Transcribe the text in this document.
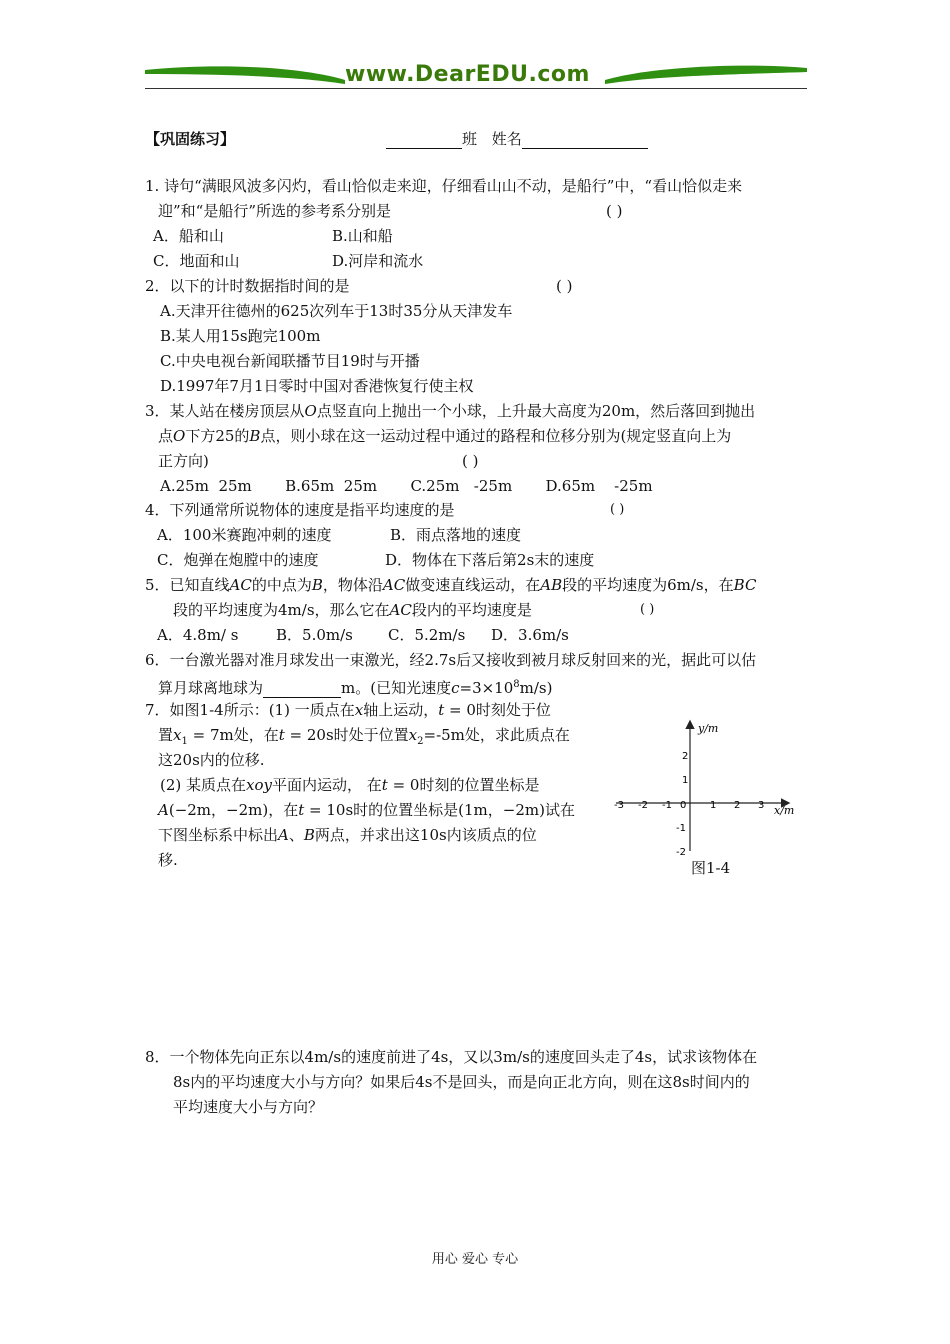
www.DearEDU.com
【巩固练习】	班 姓名
1. 诗句“满眼风波多闪灼，看山恰似走来迎，仔细看山山不动，是船行”中，“看山恰似走来
迎”和“是船行”所选的参考系分别是	( )
A．船和山	B.山和船
C．地面和山	D.河岸和流水
2．以下的计时数据指时间的是	( )
A.天津开往德州的625次列车于13时35分从天津发车
B.某人用15s跑完100m
C.中央电视台新闻联播节目19时与开播
D.1997年7月1日零时中国对香港恢复行使主权
3．某人站在楼房顶层从O点竖直向上抛出一个小球，上升最大高度为20m，然后落回到抛出
点O下方25的B点，则小球在这一运动过程中通过的路程和位移分别为(规定竖直向上为
正方向)	( )
A.25m  25m       B.65m  25m       C.25m   -25m       D.65m    -25m
4．下列通常所说物体的速度是指平均速度的是	( )
A．100米赛跑冲刺的速度	B．雨点落地的速度
C．炮弹在炮膛中的速度	D．物体在下落后第2s末的速度
5．已知直线AC的中点为B，物体沿AC做变速直线运动，在AB段的平均速度为6m/s，在BC
段的平均速度为4m/s，那么它在AC段内的平均速度是	( )
A．4.8m/ s	B．5.0m/s C．5.2m/s D．3.6m/s
6．一台激光器对准月球发出一束激光，经2.7s后又接收到被月球反射回来的光，据此可以估
算月球离地球为	m。(已知光速度$c=3\times 10^8m/s$)
7．如图1-4所示：(1) 一质点在x轴上运动，t = 0时刻处于位
置$x_1 = 7m$处，在t = 20s时处于位置$x_2=-5m$处，求此质点在
这20s内的位移.
(2) 某质点在xoy平面内运动， 在t = 0时刻的位置坐标是
A(−2m，−2m)，在t = 10s时的位置坐标是(1m，−2m)试在
下图坐标系中标出A、B两点，并求出这10s内该质点的位
移.
-3 -2 -1	1 2 3
2
1
-1
-2
0	x/m
y/m
图1-4
8．一个物体先向正东以4m/s的速度前进了4s，又以3m/s的速度回头走了4s，试求该物体在
8s内的平均速度大小与方向？如果后4s不是回头，而是向正北方向，则在这8s时间内的
平均速度大小与方向？
用心 爱心 专心
